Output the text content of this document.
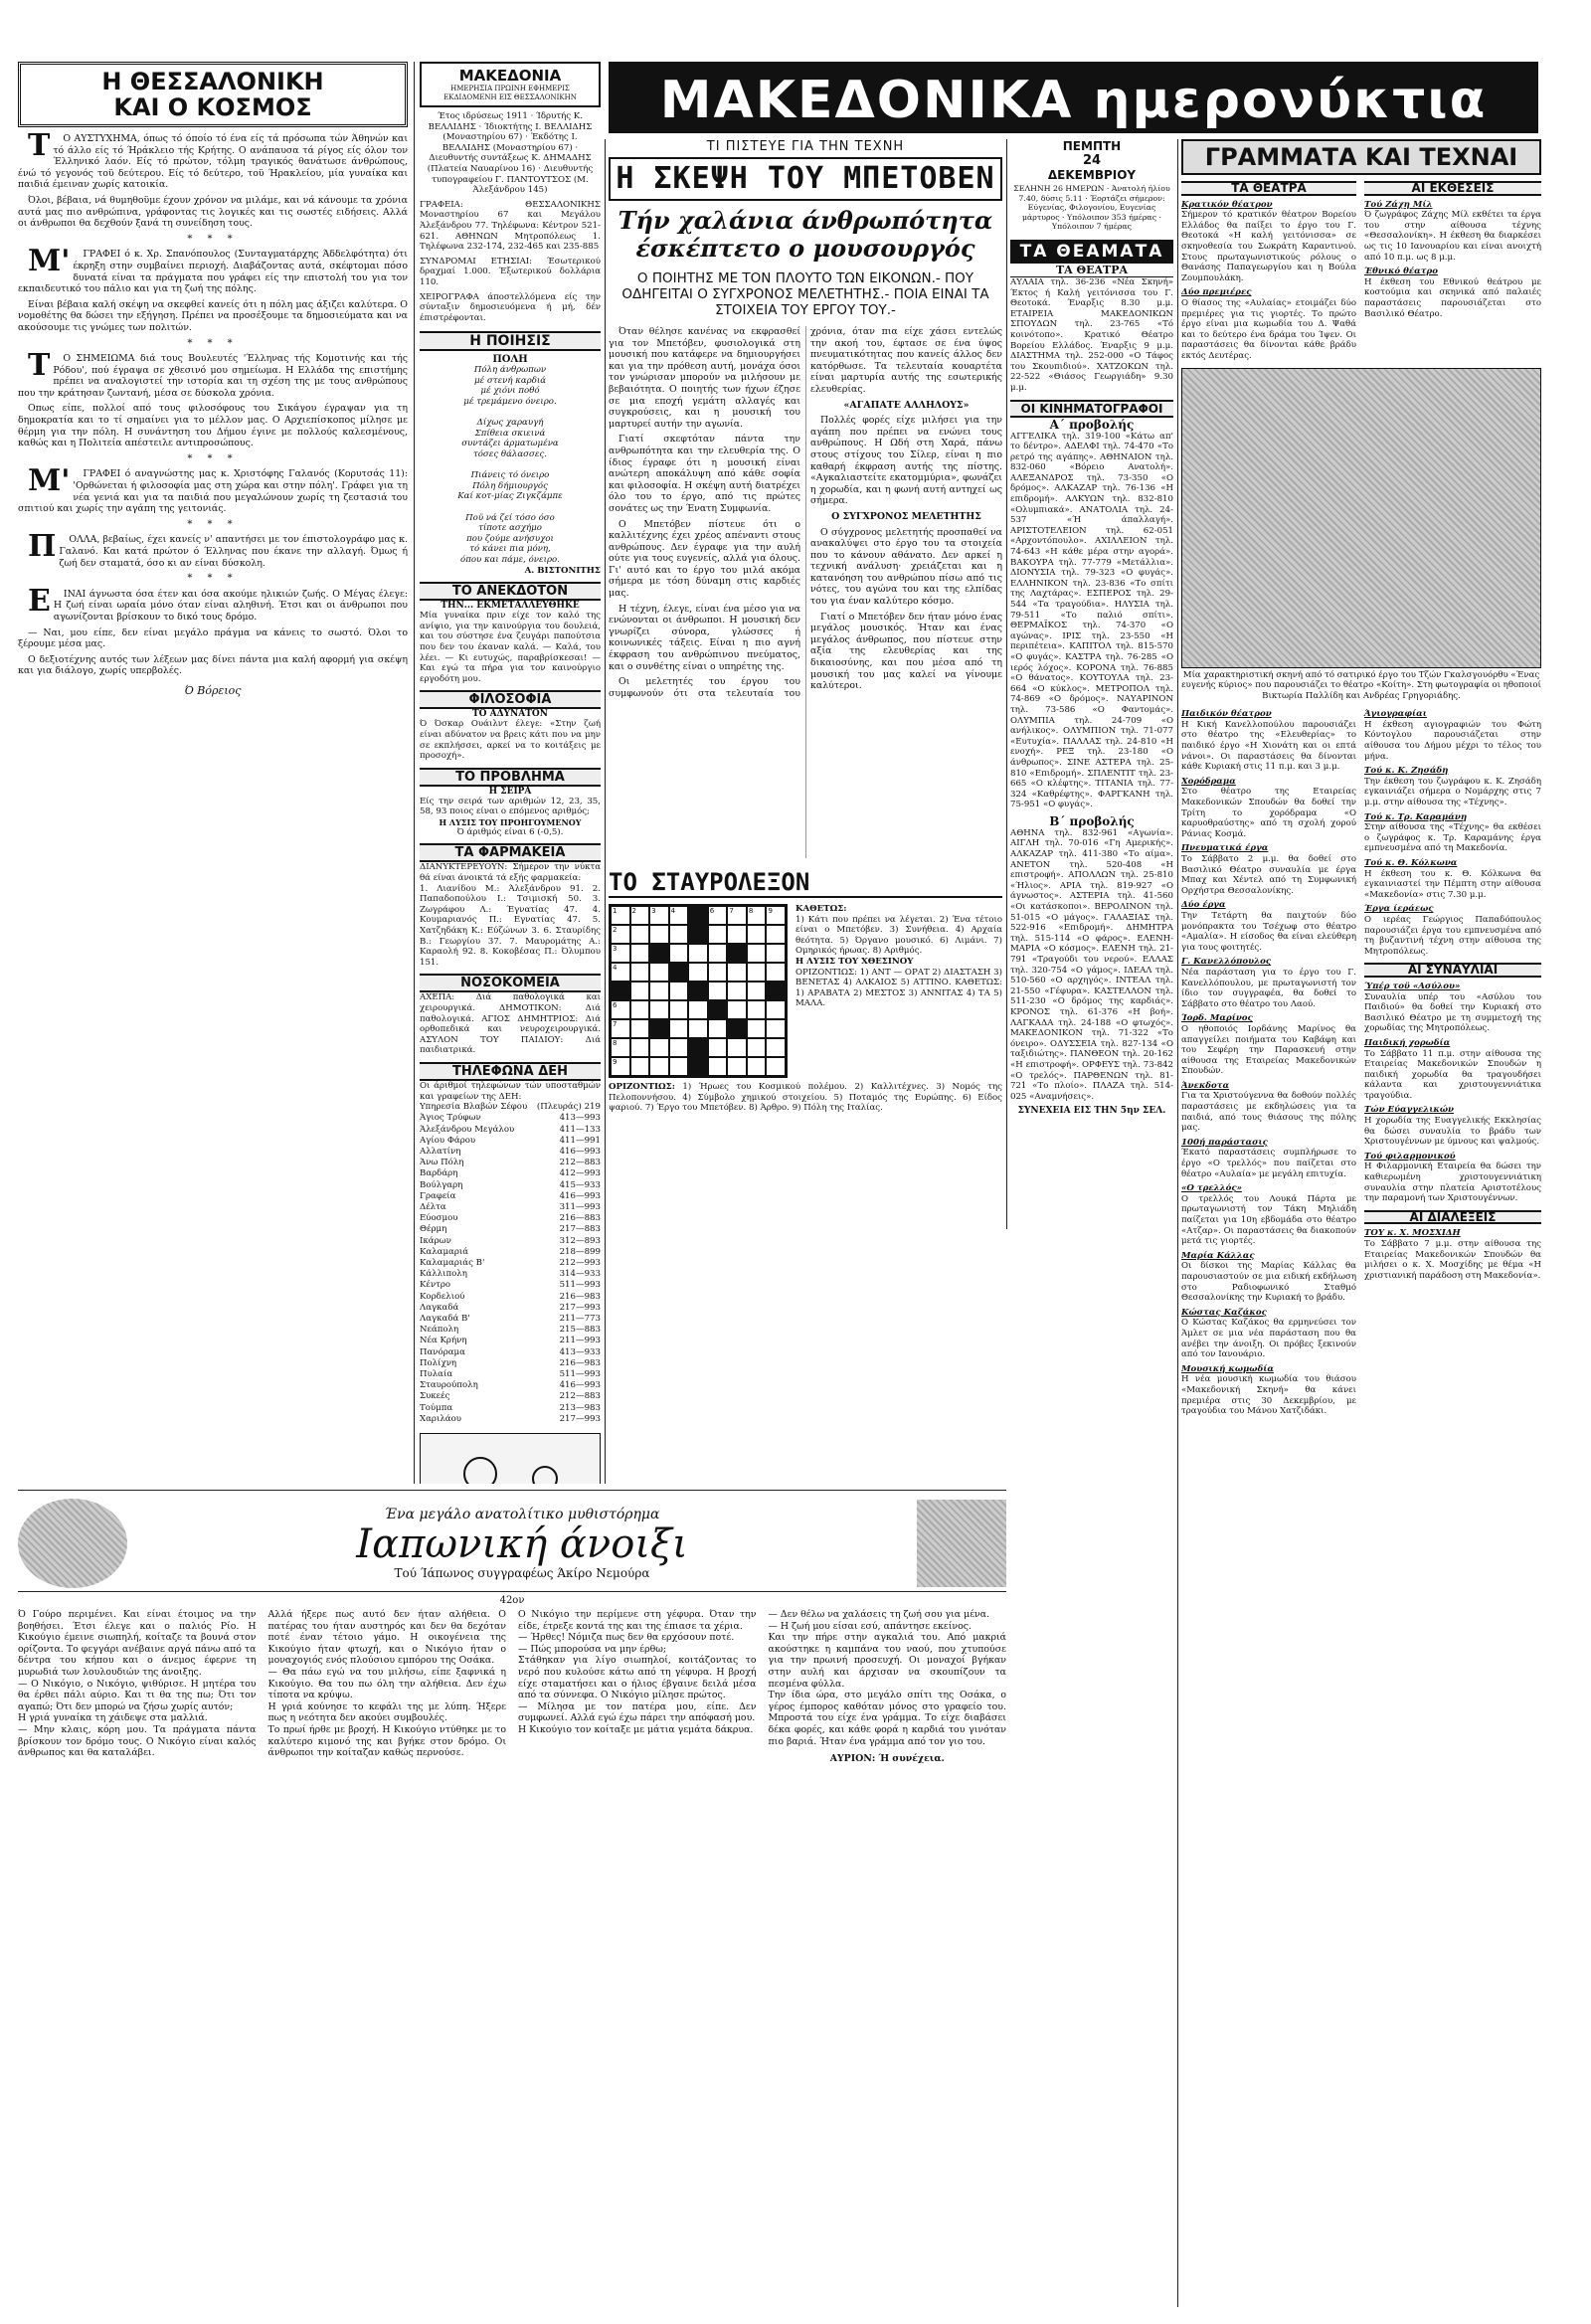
ΜΑΚΕΔΟΝΙΚΑ ημερονύκτια
Η ΘΕΣΣΑΛΟΝΙΚΗ
ΚΑΙ Ο ΚΟΣΜΟΣ

ΤΟ ΑΥΣΤΥΧΗΜΑ, όπως τό όποίο τό ένα είς τά πρόσωπα τών Άθηνών και τό άλλο είς τό Ήράκλειο τής Κρήτης. Ο ανάπαυσα τά ρίγος είς όλον τον Έλληνικό λαόν. Είς τό πρώτον, τόλμη τραγικός θανάτωσε άνθρώπους, ένώ τό γεγονός τοϋ δεύτερου. Είς τό δεύτερο, τοϋ Ήρακλείου, μία γυναίκα και παιδιά έμειναν χωρίς κατοικία.

Όλοι, βέβαια, νά θυμηθοϋμε έχουν χρόνον να μιλάμε, και νά κάνουμε τα χρόνια αυτά μας πιο ανθρώπινα, γράφοντας τις λογικές και τις σωστές ειδήσεις. Αλλά οι άνθρωποι θα δεχθούν ξανά τη συνείδηση τους.

* * *

Μ'ΓΡΑΦΕΙ ό κ. Χρ. Σπανόπουλος (Συνταγματάρχης Άδδελφότητα) ότι έκρηξη στην συμβαίνει περιοχή. Διαβάζοντας αυτά, σκέφτομαι πόσο δυνατά είναι τα πράγματα που γράφει είς την επιστολή του για τον εκπαιδευτικό του πάλιο και για τη ζωή της πόλης.

Είναι βέβαια καλή σκέψη να σκεφθεί κανείς ότι η πόλη μας άξιζει καλύτερα. Ο νομοθέτης θα δώσει την εξήγηση. Πρέπει να προσέξουμε τα δημοσιεύματα και να ακούσουμε τις γνώμες των πολιτών.

* * *

ΤΟ ΣΗΜΕΙΩΜΑ διά τους Βουλευτές 'Έλληνας τής Κομοτινής και τής Ρόδου', πού έγραψα σε χθεσινό μου σημείωμα. Η Ελλάδα της επιστήμης πρέπει να αναλογιστεί την ιστορία και τη σχέση της με τους ανθρώπους που την κράτησαν ζωντανή, μέσα σε δύσκολα χρόνια.

Οπως είπε, πολλοί από τους φιλοσόφους του Σικάγου έγραψαν για τη δημοκρατία και το τί σημαίνει για το μέλλον μας. Ο Αρχιεπίσκοπος μίλησε με θέρμη για την πόλη. Η συνάντηση του Δήμου έγινε με πολλούς καλεσμένους, καθώς και η Πολιτεία απέστειλε αντιπροσώπους.

* * *

Μ'ΓΡΑΦΕΙ ό αναγνώστης μας κ. Χριστόφης Γαλανός (Κορυτσάς 11): 'Ορθώνεται ή φιλοσοφία μας στη χώρα και στην πόλη'. Γράφει για τη νέα γενιά και για τα παιδιά που μεγαλώνουν χωρίς τη ζεστασιά του σπιτιού και χωρίς την αγάπη της γειτονιάς.

* * *

ΠΟΛΛΑ, βεβαίως, έχει κανείς ν' απαντήσει με τον έπιστολογράφο μας κ. Γαλανό. Και κατά πρώτον ό Έλληνας που έκανε την αλλαγή. Όμως ή ζωή δεν σταματά, όσο κι αν είναι δύσκολη.

* * *

ΕΙΝΑΙ άγνωστα όσα έτεν και όσα ακούμε ηλικιών ζωής. Ο Μέγας έλεγε: Η ζωή είναι ωραία μόνο όταν είναι αληθινή. Έτσι και οι άνθρωποι που αγωνίζονται βρίσκουν το δικό τους δρόμο.

— Ναι, μου είπε, δεν είναι μεγάλο πράγμα να κάνεις το σωστό. Όλοι το ξέρουμε μέσα μας.

Ο δεξιοτέχνης αυτός των λέξεων μας δίνει πάντα μια καλή αφορμή για σκέψη και για διάλογο, χωρίς υπερβολές.

Ό Βόρειος
ΜΑΚΕΔΟΝΙΑ
ΗΜΕΡΗΣΙΑ ΠΡΩΙΝΗ ΕΦΗΜΕΡΙΣ ΕΚΔΙΔΟΜΕΝΗ ΕΙΣ ΘΕΣΣΑΛΟΝΙΚΗΝ
Έτος ιδρύσεως 1911 · Ίδρυτής Κ. ΒΕΛΛΙΔΗΣ · Ίδιοκτήτης Ι. ΒΕΛΛΙΔΗΣ (Μοναστηρίου 67) · Έκδότης Ι. ΒΕΛΛΙΔΗΣ (Μοναστηρίου 67) · Διευθυντής συντάξεως Κ. ΔΗΜΑΔΗΣ (Πλατεία Ναυαρίνου 16) · Διευθυντής τυπογραφείου Γ. ΠΑΝΤΟΥΤΣΟΣ (Μ. Άλεξάνδρου 145)
ΓΡΑΦΕΙΑ: ΘΕΣΣΑΛΟΝΙΚΗΣ Μοναστηρίου 67 και Μεγάλου Άλεξάνδρου 77. Τηλέφωνα: Κέντρον 521-621. ΑΘΗΝΩΝ Μητροπόλεως 1. Τηλέφωνα 232-174, 232-465 και 235-885
ΣΥΝΔΡΟΜΑΙ ΕΤΗΣΙΑΙ: Έσωτερικού δραχμαί 1.000. Έξωτερικού δολλάρια 110.
ΧΕΙΡΟΓΡΑΦΑ άποστελλόμενα είς την σύνταξιν δημοσιευόμενα ή μή, δέν έπιστρέφονται.
Η ΠΟΙΗΣΙΣ
ΠΟΛΗ
Πόλη άνθρωπων
μέ στενή καρδιά
μέ χιόνι ποθό
μέ τρεμάμενο όνειρο.

Δίχως χαραυγή
Σπίθεια σκιεινά
συντάζει άρματωμένα
τόσες θάλασσες.

Πιάνεις τό όνειρο
Πόλη δήμιουργός
Καί κοτ-μίας Ζιγκζάμπε

Ποϋ νά ζεί τόσο όσο
τίποτε ασχήμο
που ζούμε ανήσυχοι
τό κάνει πια μόνη,
όπου και πάμε, όνειρο.
Α. ΒΙΣΤΟΝΙΤΗΣ
ΤΟ ΑΝΕΚΔΟΤΟΝ
ΤΗΝ... ΕΚΜΕΤΑΛΛΕΥΘΗΚΕ
Μία γυναίκα πριν είχε τον καλό της ανίψιο, για την καινούργια του δουλειά, και του σύστησε ένα ζευγάρι παπούτσια που δεν του έκαναν καλά. — Καλά, του λέει. — Κι ευτυχώς, παραβρίσκεσαι! — Και εγώ τα πήρα για τον καινούργιο εργοδότη μου.
ΦΙΛΟΣΟΦΙΑ
ΤΟ ΑΔΥΝΑΤΟΝ
Ό Όσκαρ Ουάιλντ έλεγε: «Στην ζωή είναι αδύνατον να βρεις κάτι που να μην σε εκπλήσσει, αρκεί να το κοιτάξεις με προσοχή».
ΤΟ ΠΡΟΒΛΗΜΑ
Η ΣΕΙΡΑ
Είς την σειρά των αριθμών 12, 23, 35, 58, 93 ποιος είναι ο επόμενος αριθμός;
Η ΛΥΣΙΣ ΤΟΥ ΠΡΟΗΓΟΥΜΕΝΟΥ
Ό άριθμός είναι 6 (-0,5).
ΤΑ ΦΑΡΜΑΚΕΙΑ
ΔΙΑΝΥΚΤΕΡΕΥΟΥΝ: Σήμερον την νύκτα θά είναι άνοικτά τά εξής φαρμακεία:
1. Λιανίδου Μ.: Άλεξάνδρου 91. 2. Παπαδοπούλου Ι.: Τσιμισκή 50. 3. Ζωγράφου Λ.: Έγνατίας 47. 4. Κουμαριανός Π.: Εγνατίας 47. 5. Χατζηδάκη Κ.: Εύζώνων 3. 6. Σταυρίδης Β.: Γεωργίου 37. 7. Μαυρομάτης Α.: Καραολή 92. 8. Κοκοβέσας Π.: Όλυμπου 151.
ΝΟΣΟΚΟΜΕΙΑ
ΑΧΕΠΑ: Διά παθολογικά και χειρουργικά. ΔΗΜΟΤΙΚΟΝ: Διά παθολογικά. ΑΓΙΟΣ ΔΗΜΗΤΡΙΟΣ: Διά ορθοπεδικά και νευροχειρουργικά. ΑΣΥΛΟΝ ΤΟΥ ΠΑΙΔΙΟΥ: Διά παιδιατρικά.
ΤΗΛΕΦΩΝΑ ΔΕΗ
Οι άριθμοί τηλεφώνων τών υποσταθμών και γραφείων της ΔΕΗ:
Υπηρεσία Βλαβών Σέφου	(Πλευράς) 219
Άγιος Τρύφων	413—993
Άλεξάνδρου Μεγάλου	411—133
Αγίου Φάρου	411—991
Αλλατίνη	416—993
Άνω Πόλη	212—883
Βαρδάρη	412—993
Βούλγαρη	415—933
Γραφεία	416—993
Δέλτα	311—993
Εύοσμου	216—883
Θέρμη	217—883
Ικάρων	312—893
Καλαμαριά	218—899
Καλαμαριάς Β'	212—993
Κάλλιπολη	314—933
Κέντρο	511—993
Κορδελιού	216—983
Λαγκαδά	217—993
Λαγκαδά Β'	211—773
Νεάπολη	215—883
Νέα Κρήνη	211—993
Πανόραμα	413—933
Πολίχνη	216—983
Πυλαία	511—993
Σταυρούπολη	416—993
Συκεές	212—883
Τούμπα	213—983
Χαριλάου	217—993
ΤΙ ΠΙΣΤΕΥΕ ΓΙΑ ΤΗΝ ΤΕΧΝΗ
Η ΣΚΕΨΗ ΤΟΥ ΜΠΕΤΟΒΕΝ
Τήν χαλάνια άνθρωπότητα
έσκέπτετο ο μουσουργός
Ο ΠΟΙΗΤΗΣ ΜΕ ΤΟΝ ΠΛΟΥΤΟ ΤΩΝ ΕΙΚΟΝΩΝ.- ΠΟΥ ΟΔΗΓΕΙΤΑΙ Ο ΣΥΓΧΡΟΝΟΣ ΜΕΛΕΤΗΤΗΣ.- ΠΟΙΑ ΕΙΝΑΙ ΤΑ ΣΤΟΙΧΕΙΑ ΤΟΥ ΕΡΓΟΥ ΤΟΥ.-

Όταν θέλησε κανένας να εκφρασθεί για τον Μπετόβεν, φυσιολογικά στη μουσική που κατάφερε να δημιουργήσει και για την πρόθεση αυτή, μονάχα όσοι τον γνώρισαν μπορούν να μιλήσουν με βεβαιότητα. Ο ποιητής των ήχων έζησε σε μια εποχή γεμάτη αλλαγές και συγκρούσεις, και η μουσική του μαρτυρεί αυτήν την αγωνία.

Γιατί σκεφτόταν πάντα την ανθρωπότητα και την ελευθερία της. Ο ίδιος έγραφε ότι η μουσική είναι ανώτερη αποκάλυψη από κάθε σοφία και φιλοσοφία. Η σκέψη αυτή διατρέχει όλο του το έργο, από τις πρώτες σονάτες ως την Ένατη Συμφωνία.

Ο Μπετόβεν πίστευε ότι ο καλλιτέχνης έχει χρέος απέναντι στους ανθρώπους. Δεν έγραφε για την αυλή ούτε για τους ευγενείς, αλλά για όλους. Γι' αυτό και το έργο του μιλά ακόμα σήμερα με τόση δύναμη στις καρδιές μας.

Η τέχνη, έλεγε, είναι ένα μέσο για να ενώνονται οι άνθρωποι. Η μουσική δεν γνωρίζει σύνορα, γλώσσες ή κοινωνικές τάξεις. Είναι η πιο αγνή έκφραση του ανθρώπινου πνεύματος, και ο συνθέτης είναι ο υπηρέτης της.

Οι μελετητές του έργου του συμφωνούν ότι στα τελευταία του χρόνια, όταν πια είχε χάσει εντελώς την ακοή του, έφτασε σε ένα ύψος πνευματικότητας που κανείς άλλος δεν κατόρθωσε. Τα τελευταία κουαρτέτα είναι μαρτυρία αυτής της εσωτερικής ελευθερίας.

«ΑΓΑΠΑΤΕ ΑΛΛΗΛΟΥΣ»

Πολλές φορές είχε μιλήσει για την αγάπη που πρέπει να ενώνει τους ανθρώπους. Η Ωδή στη Χαρά, πάνω στους στίχους του Σίλερ, είναι η πιο καθαρή έκφραση αυτής της πίστης. «Αγκαλιαστείτε εκατομμύρια», φωνάζει η χορωδία, και η φωνή αυτή αντηχεί ως σήμερα.

Ο ΣΥΓΧΡΟΝΟΣ ΜΕΛΕΤΗΤΗΣ

Ο σύγχρονος μελετητής προσπαθεί να ανακαλύψει στο έργο του τα στοιχεία που το κάνουν αθάνατο. Δεν αρκεί η τεχνική ανάλυση· χρειάζεται και η κατανόηση του ανθρώπου πίσω από τις νότες, του αγώνα του και της ελπίδας του για έναν καλύτερο κόσμο.

Γιατί ο Μπετόβεν δεν ήταν μόνο ένας μεγάλος μουσικός. Ήταν και ένας μεγάλος άνθρωπος, που πίστευε στην αξία της ελευθερίας και της δικαιοσύνης, και που μέσα από τη μουσική του μας καλεί να γίνουμε καλύτεροι.

ΤΟ ΣΤΑΥΡΟΛΕΞΟΝ
1	2	3	4	6	7	8	9
2
3
4
6
7
8
9
ΚΑΘΕΤΩΣ:
1) Κάτι που πρέπει να λέγεται. 2) Ένα τέτοιο είναι ο Μπετόβεν. 3) Συνήθεια. 4) Αρχαία θεότητα. 5) Όργανο μουσικό. 6) Λιμάνι. 7) Ομηρικός ήρωας. 8) Αριθμός.
Η ΛΥΣΙΣ ΤΟΥ ΧΘΕΣΙΝΟΥ
ΟΡΙΖΟΝΤΙΩΣ: 1) ΑΝΤ — ΟΡΑΤ 2) ΔΙΑΣΤΑΣΗ 3) ΒΕΝΕΤΑΣ 4) ΑΛΚΑΙΟΣ 5) ΑΤΤΙΝΟ. ΚΑΘΕΤΩΣ: 1) ΑΡΑΒΑΤΑ 2) ΜΕΣΤΟΣ 3) ΑΝΝΙΤΑΣ 4) ΤΑ 5) ΜΑΛΑ.
ΟΡΙΖΟΝΤΙΩΣ: 1) Ήρωες του Κοσμικού πολέμου. 2) Καλλιτέχνες. 3) Νομός της Πελοποννήσου. 4) Σύμβολο χημικού στοιχείου. 5) Ποταμός της Ευρώπης. 6) Είδος ψαριού. 7) Έργο του Μπετόβεν. 8) Άρθρο. 9) Πόλη της Ιταλίας.
ΠΕΜΠΤΗ
24
ΔΕΚΕΜΒΡΙΟΥ
ΣΕΛΗΝΗ 26 ΗΜΕΡΩΝ · Άνατολή ήλίου 7.40, δύσις 5.11 · Έορτάζει σήμερον: Εύγενίας, Φιλογονίου, Ευγενίας μάρτυρος · Υπόλοιπον 353 ήμέρας · Υπόλοιπον 7 ήμέρας
ΤΑ ΘΕΑΜΑΤΑ
ΤΑ ΘΕΑΤΡΑ
ΑΥΛΑΙΑ τηλ. 36-236 «Νέα Σκηνή» Έκτος ή Καλή γειτόνισσα του Γ. Θεοτοκά. Έναρξις 8.30 μ.μ. ΕΤΑΙΡΕΙΑ ΜΑΚΕΔΟΝΙΚΩΝ ΣΠΟΥΔΩΝ τηλ. 23-765 «Τό κοινότοπο». Κρατικό Θέατρο Βορείου Ελλάδος. Έναρξις 9 μ.μ. ΔΙΑΣΤΗΜΑ τηλ. 252-000 «Ο Τάφος του Σκουπιδιού». ΧΑΤΖΟΚΩΝ τηλ. 22-522 «Θιάσος Γεωργιάδη» 9.30 μ.μ.
ΟΙ ΚΙΝΗΜΑΤΟΓΡΑΦΟΙ
Α΄ προβολής
ΑΓΓΕΛΙΚΑ τηλ. 319-100 «Κάτω απ' το δέντρο». ΑΔΕΛΦΙ τηλ. 74-470 «Το ρετρό της αγάπης». ΑΘΗΝΑΙΟΝ τηλ. 832-060 «Βόρειο Ανατολή». ΑΛΕΞΑΝΔΡΟΣ τηλ. 73-350 «Ο δρόμος». ΑΛΚΑΖΑΡ τηλ. 76-136 «Η επιδρομή». ΑΛΚΥΩΝ τηλ. 832-810 «Ολυμπιακά». ΑΝΑΤΟΛΙΑ τηλ. 24-537 «Ή άπαλλαγή». ΑΡΙΣΤΟΤΕΛΕΙΟΝ τηλ. 62-051 «Αρχοντόπουλο». ΑΧΙΛΛΕΙΟΝ τηλ. 74-643 «Η κάθε μέρα στην αγορά». ΒΑΚΟΥΡΑ τηλ. 77-779 «Μετάλλια». ΔΙΟΝΥΣΙΑ τηλ. 79-323 «Ο φυγάς». ΕΛΛΗΝΙΚΟΝ τηλ. 23-836 «Το σπίτι της Λαχτάρας». ΕΣΠΕΡΟΣ τηλ. 29-544 «Τα τραγούδια». ΗΛΥΣΙΑ τηλ. 79-511 «Το παλιό σπίτι». ΘΕΡΜΑΪΚΟΣ τηλ. 74-370 «Ο αγώνας». ΙΡΙΣ τηλ. 23-550 «Η περιπέτεια». ΚΑΠΙΤΟΛ τηλ. 815-570 «Ο φυγάς». ΚΑΣΤΡΑ τηλ. 76-285 «Ο ιερός λόχος». ΚΟΡΟΝΑ τηλ. 76-885 «Ο θάνατος». ΚΟΥΤΟΥΛΑ τηλ. 23-664 «Ο κύκλος». ΜΕΤΡΟΠΟΛ τηλ. 74-869 «Ο δρόμος». ΝΑΥΑΡΙΝΟΝ τηλ. 73-586 «Ο Φαντομάς». ΟΛΥΜΠΙΑ τηλ. 24-709 «Ο ανήλικος». ΟΛΥΜΠΙΟΝ τηλ. 71-077 «Ευτυχία». ΠΑΛΛΑΣ τηλ. 24-810 «Η ενοχή». ΡΕΞ τηλ. 23-180 «Ο άνθρωπος». ΣΙΝΕ ΑΣΤΕΡΑ τηλ. 25-810 «Επιδρομή». ΣΠΛΕΝΤΙΤ τηλ. 23-665 «Ο κλέφτης». ΤΙΤΑΝΙΑ τηλ. 77-324 «Καθρέφτης». ΦΑΡΓΚΑΝΗ τηλ. 75-951 «Ο φυγάς».
Β΄ προβολής
ΑΘΗΝΑ τηλ. 832-961 «Αγωνία». ΑΙΓΛΗ τηλ. 70-016 «Γη Αμερικής». ΑΛΚΑΖΑΡ τηλ. 411-380 «Το αίμα». ΑΝΕΤΟΝ τηλ. 520-408 «Η επιστροφή». ΑΠΟΛΛΩΝ τηλ. 25-810 «Ήλιος». ΑΡΙΑ τηλ. 819-927 «Ο άγνωστος». ΑΣΤΕΡΙΑ τηλ. 41-560 «Οι κατάσκοποι». ΒΕΡΟΛΙΝΟΝ τηλ. 51-015 «Ο μάγος». ΓΑΛΑΞΙΑΣ τηλ. 522-916 «Επιδρομή». ΔΗΜΗΤΡΑ τηλ. 515-114 «Ο φάρος». ΕΛΕΝΗ-ΜΑΡΙΑ «Ο κόσμος». ΕΛΕΝΗ τηλ. 21-791 «Τραγούδι του νερού». ΕΛΛΑΣ τηλ. 320-754 «Ο γάμος». ΙΔΕΑΛ τηλ. 510-560 «Ο αρχηγός». ΙΝΤΕΑΛ τηλ. 21-550 «Γέφυρα». ΚΑΣΤΕΛΛΟΝ τηλ. 511-230 «Ο δρόμος της καρδιάς». ΚΡΟΝΟΣ τηλ. 61-376 «Η βοή». ΛΑΓΚΑΔΑ τηλ. 24-188 «Ο φτωχός». ΜΑΚΕΔΟΝΙΚΟΝ τηλ. 71-322 «Το όνειρο». ΟΔΥΣΣΕΙΑ τηλ. 827-134 «Ο ταξιδιώτης». ΠΑΝΘΕΟΝ τηλ. 20-162 «Η επιστροφή». ΟΡΦΕΥΣ τηλ. 73-842 «Ο τρελός». ΠΑΡΘΕΝΩΝ τηλ. 81-721 «Το πλοίο». ΠΛΑΖΑ τηλ. 514-025 «Αναμνήσεις».
ΣΥΝΕΧΕΙΑ ΕΙΣ ΤΗΝ 5ην ΣΕΛ.
ΓΡΑΜΜΑΤΑ ΚΑΙ ΤΕΧΝΑΙ
ΤΑ ΘΕΑΤΡΑ
Κρατικόν θέατρον
Σήμερον τό κρατικόν θέατρον Βορείου Ελλάδος θα παίξει το έργο του Γ. Θεοτοκά «Η καλή γειτόνισσα» σε σκηνοθεσία του Σωκράτη Καραντινού. Στους πρωταγωνιστικούς ρόλους ο Θανάσης Παπαγεωργίου και η Βούλα Ζουμπουλάκη.
Δύο πρεμιέρες
Ο θίασος της «Αυλαίας» ετοιμάζει δύο πρεμιέρες για τις γιορτές. Το πρώτο έργο είναι μια κωμωδία του Δ. Ψαθά και το δεύτερο ένα δράμα του Ίψεν. Οι παραστάσεις θα δίνονται κάθε βράδυ εκτός Δευτέρας.
ΑΙ ΕΚΘΕΣΕΙΣ
Τού Ζάχη Μίλ
Ό ζωγράφος Ζάχης Μίλ εκθέτει τα έργα του στην αίθουσα τέχνης «Θεσσαλονίκη». Η έκθεση θα διαρκέσει ως τις 10 Ιανουαρίου και είναι ανοιχτή από 10 π.μ. ως 8 μ.μ.
Έθνικό θέατρο
Η έκθεση του Εθνικού θεάτρου με κοστούμια και σκηνικά από παλαιές παραστάσεις παρουσιάζεται στο Βασιλικό Θέατρο.
Μία χαρακτηριστική σκηνή από τό σατιρικό έργο του Τζών Γκαλσγουόρθυ «Ένας ευγενής κύριος» που παρουσιάζει το θέατρο «Κοίτη». Στη φωτογραφία οι ηθοποιοί Βικτωρία Παλλίδη και Ανδρέας Γρηγοριάδης.
Παιδικόν θέατρον
Η Κική Κανελλοπούλου παρουσιάζει στο θέατρο της «Ελευθερίας» το παιδικό έργο «Η Χιονάτη και οι επτά νάνοι». Οι παραστάσεις θα δίνονται κάθε Κυριακή στις 11 π.μ. και 3 μ.μ.
Χορόδραμα
Στο θέατρο της Εταιρείας Μακεδονικών Σπουδών θα δοθεί την Τρίτη το χορόδραμα «Ο καρυοθραύστης» από τη σχολή χορού Ράνιας Κοσμά.
Πνευματικά έργα
Το Σάββατο 2 μ.μ. θα δοθεί στο Βασιλικό Θέατρο συναυλία με έργα Μπαχ και Χέντελ από τη Συμφωνική Ορχήστρα Θεσσαλονίκης.
Δύο έργα
Την Τετάρτη θα παιχτούν δύο μονόπρακτα του Τσέχωφ στο θέατρο «Αμαλία». Η είσοδος θα είναι ελεύθερη για τους φοιτητές.
Γ. Κανελλόπουλος
Νέα παράσταση για το έργο του Γ. Κανελλόπουλου, με πρωταγωνιστή τον ίδιο τον συγγραφέα, θα δοθεί το Σάββατο στο θέατρο του Λαού.
Ίορδ. Μαρίνος
Ο ηθοποιός Ιορδάνης Μαρίνος θα απαγγείλει ποιήματα του Καβάφη και του Σεφέρη την Παρασκευή στην αίθουσα της Εταιρείας Μακεδονικών Σπουδών.
Άνεκδοτα
Για τα Χριστούγεννα θα δοθούν πολλές παραστάσεις με εκδηλώσεις για τα παιδιά, από τους θιάσους της πόλης μας.
100ή παράστασις
Έκατό παραστάσεις συμπλήρωσε το έργο «Ο τρελλός» που παίζεται στο θέατρο «Αυλαία» με μεγάλη επιτυχία.
«Ο τρελλός»
Ο τρελλός του Λουκά Πάρτα με πρωταγωνιστή τον Τάκη Μηλιάδη παίζεται για 10η εβδομάδα στο θέατρο «Ατζαρ». Οι παραστάσεις θα διακοπούν μετά τις γιορτές.
Μαρία Κάλλας
Οι δίσκοι της Μαρίας Κάλλας θα παρουσιαστούν σε μια ειδική εκδήλωση στο Ραδιοφωνικό Σταθμό Θεσσαλονίκης την Κυριακή το βράδυ.
Κώστας Καζάκος
Ο Κώστας Καζάκος θα ερμηνεύσει τον Άμλετ σε μια νέα παράσταση που θα ανέβει την άνοιξη. Οι πρόβες ξεκινούν από τον Ιανουάριο.
Μουσική κωμωδία
Η νέα μουσική κωμωδία του θιάσου «Μακεδονική Σκηνή» θα κάνει πρεμιέρα στις 30 Δεκεμβρίου, με τραγούδια του Μάνου Χατζιδάκι.
Άγιογραφίαι
Η έκθεση αγιογραφιών του Φώτη Κόντογλου παρουσιάζεται στην αίθουσα του Δήμου μέχρι το τέλος του μήνα.
Τού κ. Κ. Ζησάδη
Την έκθεση του ζωγράφου κ. Κ. Ζησάδη εγκαινιάζει σήμερα ο Νομάρχης στις 7 μ.μ. στην αίθουσα της «Τέχνης».
Τού κ. Τρ. Καραμάνη
Στην αίθουσα της «Τέχνης» θα εκθέσει ο ζωγράφος κ. Τρ. Καραμάνης έργα εμπνευσμένα από τη Μακεδονία.
Τού κ. Θ. Κόλκωνα
Η έκθεση του κ. Θ. Κόλκωνα θα εγκαινιαστεί την Πέμπτη στην αίθουσα «Μακεδονία» στις 7.30 μ.μ.
Έργα ίεράεως
Ο ιερέας Γεώργιος Παπαδόπουλος παρουσιάζει έργα του εμπνευσμένα από τη βυζαντινή τέχνη στην αίθουσα της Μητροπόλεως.
ΑΙ ΣΥΝΑΥΛΙΑΙ
Ύπέρ τοϋ «Ασύλου»
Συναυλία υπέρ του «Ασύλου του Παιδιού» θα δοθεί την Κυριακή στο Βασιλικό Θέατρο με τη συμμετοχή της χορωδίας της Μητροπόλεως.
Παιδική χορωδία
Το Σάββατο 11 π.μ. στην αίθουσα της Εταιρείας Μακεδονικών Σπουδών η παιδική χορωδία θα τραγουδήσει κάλαντα και χριστουγεννιάτικα τραγούδια.
Τών Εύαγγελικών
Η χορωδία της Ευαγγελικής Εκκλησίας θα δώσει συναυλία το βράδυ των Χριστουγέννων με ύμνους και ψαλμούς.
Τού φιλαρμονικού
Η Φιλαρμονική Εταιρεία θα δώσει την καθιερωμένη χριστουγεννιάτικη συναυλία στην πλατεία Αριστοτέλους την παραμονή των Χριστουγέννων.
ΑΙ ΔΙΑΛΕΞΕΙΣ
ΤΟΥ κ. Χ. ΜΟΣΧΙΔΗ
Το Σάββατο 7 μ.μ. στην αίθουσα της Εταιρείας Μακεδονικών Σπουδών θα μιλήσει ο κ. Χ. Μοσχίδης με θέμα «Η χριστιανική παράδοση στη Μακεδονία».
Ένα μεγάλο ανατολίτικο μυθιστόρημα
Ιαπωνική άνοιξι
Τού Ίάπωνος συγγραφέως Άκίρο Νεμούρα
42ον
Ό Γούρο περιμένει. Και είναι έτοιμος να την βοηθήσει. Έτσι έλεγε και ο παλιός Ρίο. Η Κικούγιο έμεινε σιωπηλή, κοίταζε τα βουνά στον ορίζοντα. Το φεγγάρι ανέβαινε αργά πάνω από τα δέντρα του κήπου και ο άνεμος έφερνε τη μυρωδιά των λουλουδιών της άνοιξης.
— Ο Νικόγιο, ο Νικόγιο, ψιθύρισε. Η μητέρα του θα έρθει πάλι αύριο. Και τι θα της πω; Ότι τον αγαπώ; Ότι δεν μπορώ να ζήσω χωρίς αυτόν;
Η γριά γυναίκα τη χάιδεψε στα μαλλιά.
— Μην κλαις, κόρη μου. Τα πράγματα πάντα βρίσκουν τον δρόμο τους. Ο Νικόγιο είναι καλός άνθρωπος και θα καταλάβει.
Αλλά ήξερε πως αυτό δεν ήταν αλήθεια. Ο πατέρας του ήταν αυστηρός και δεν θα δεχόταν ποτέ έναν τέτοιο γάμο. Η οικογένεια της Κικούγιο ήταν φτωχή, και ο Νικόγιο ήταν ο μοναχογιός ενός πλούσιου εμπόρου της Οσάκα.
— Θα πάω εγώ να του μιλήσω, είπε ξαφνικά η Κικούγιο. Θα του πω όλη την αλήθεια. Δεν έχω τίποτα να κρύψω.
Η γριά κούνησε το κεφάλι της με λύπη. Ήξερε πως η νεότητα δεν ακούει συμβουλές.
Το πρωί ήρθε με βροχή. Η Κικούγιο ντύθηκε με το καλύτερο κιμονό της και βγήκε στον δρόμο. Οι άνθρωποι την κοίταζαν καθώς περνούσε.
Ο Νικόγιο την περίμενε στη γέφυρα. Όταν την είδε, έτρεξε κοντά της και της έπιασε τα χέρια.
— Ήρθες! Νόμιζα πως δεν θα ερχόσουν ποτέ.
— Πώς μπορούσα να μην έρθω;
Στάθηκαν για λίγο σιωπηλοί, κοιτάζοντας το νερό που κυλούσε κάτω από τη γέφυρα. Η βροχή είχε σταματήσει και ο ήλιος έβγαινε δειλά μέσα από τα σύννεφα. Ο Νικόγιο μίλησε πρώτος.
— Μίλησα με τον πατέρα μου, είπε. Δεν συμφωνεί. Αλλά εγώ έχω πάρει την απόφασή μου.
Η Κικούγιο τον κοίταξε με μάτια γεμάτα δάκρυα.
— Δεν θέλω να χαλάσεις τη ζωή σου για μένα.
— Η ζωή μου είσαι εσύ, απάντησε εκείνος.
Και την πήρε στην αγκαλιά του. Από μακριά ακούστηκε η καμπάνα του ναού, που χτυπούσε για την πρωινή προσευχή. Οι μοναχοί βγήκαν στην αυλή και άρχισαν να σκουπίζουν τα πεσμένα φύλλα.
Την ίδια ώρα, στο μεγάλο σπίτι της Οσάκα, ο γέρος έμπορος καθόταν μόνος στο γραφείο του. Μπροστά του είχε ένα γράμμα. Το είχε διαβάσει δέκα φορές, και κάθε φορά η καρδιά του γινόταν πιο βαριά. Ήταν ένα γράμμα από τον γιο του.
ΑΥΡΙΟΝ: Ή συνέχεια.
